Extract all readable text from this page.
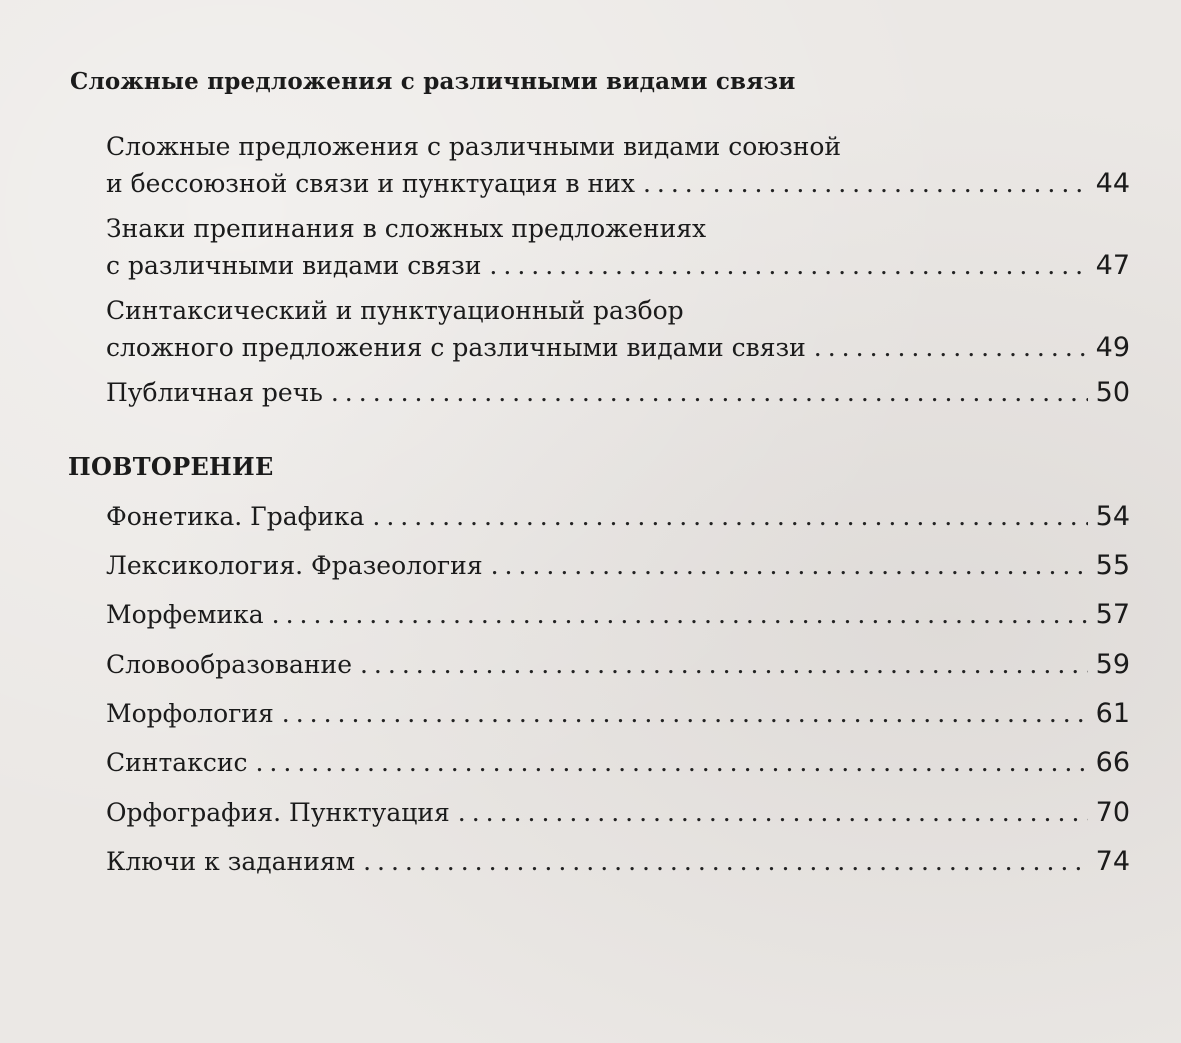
Сложные предложения с различными видами связи
Сложные предложения с различными видами союзной
и бессоюзной связи и пунктуация в них .....	44
Знаки препинания в сложных предложениях
с различными видами связи .....	47
Синтаксический и пунктуационный разбор
сложного предложения с различными видами связи .....	49
Публичная речь .....	50
ПОВТОРЕНИЕ
Фонетика. Графика .....	54
Лексикология. Фразеология .....	55
Морфемика .....	57
Словообразование .....	59
Морфология .....	61
Синтаксис .....	66
Орфография. Пунктуация .....	70
Ключи к заданиям .....	74
